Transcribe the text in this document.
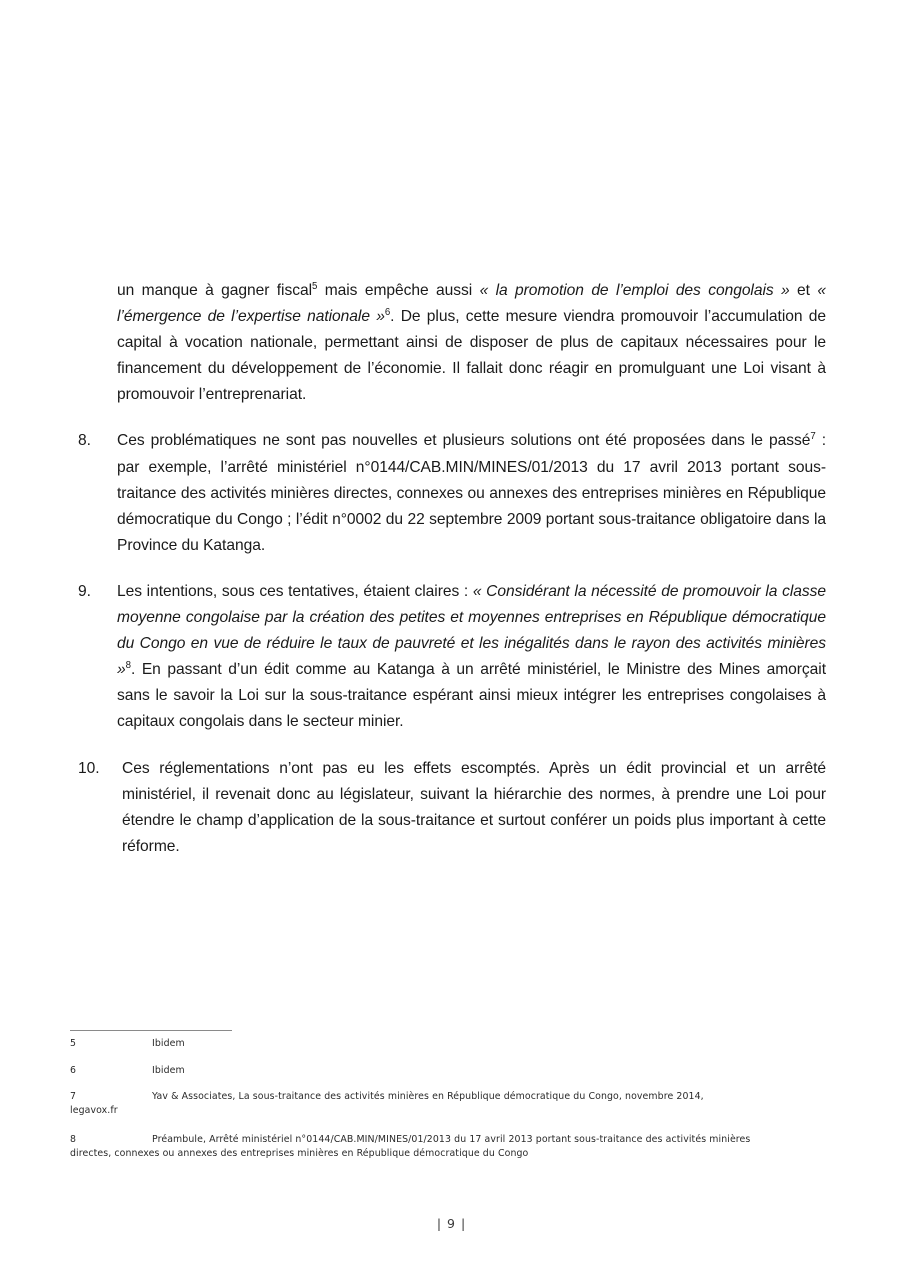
un manque à gagner fiscal$^5$ mais empêche aussi « la promotion de l’emploi des congolais » et « l’émergence de l’expertise nationale »$^6$. De plus, cette mesure viendra promouvoir l’accumulation de capital à vocation nationale, permettant ainsi de disposer de plus de capitaux nécessaires pour le financement du développement de l’économie. Il fallait donc réagir en promulguant une Loi visant à promouvoir l’entreprenariat.

8.	Ces problématiques ne sont pas nouvelles et plusieurs solutions ont été proposées dans le passé$^7$ : par exemple, l’arrêté ministériel n°0144/CAB.MIN/MINES/01/2013 du 17 avril 2013 portant sous-traitance des activités minières directes, connexes ou annexes des entreprises minières en République démocratique du Congo ; l’édit n°0002 du 22 septembre 2009 portant sous-traitance obligatoire dans la Province du Katanga.
9.	Les intentions, sous ces tentatives, étaient claires : « Considérant la nécessité de promouvoir la classe moyenne congolaise par la création des petites et moyennes entreprises en République démocratique du Congo en vue de réduire le taux de pauvreté et les inégalités dans le rayon des activités minières »$^8$. En passant d’un édit comme au Katanga à un arrêté ministériel, le Ministre des Mines amorçait sans le savoir la Loi sur la sous-traitance espérant ainsi mieux intégrer les entreprises congolaises à capitaux congolais dans le secteur minier.
10.	Ces réglementations n’ont pas eu les effets escomptés. Après un édit provincial et un arrêté ministériel, il revenait donc au législateur, suivant la hiérarchie des normes, à prendre une Loi pour étendre le champ d’application de la sous-traitance et surtout conférer un poids plus important à cette réforme.
5	Ibidem
6	Ibidem
7	Yav & Associates, La sous-traitance des activités minières en République démocratique du Congo, novembre 2014,
legavox.fr
8	Préambule, Arrêté ministériel n°0144/CAB.MIN/MINES/01/2013 du 17 avril 2013 portant sous-traitance des activités minières
directes, connexes ou annexes des entreprises minières en République démocratique du Congo
| 9 |
